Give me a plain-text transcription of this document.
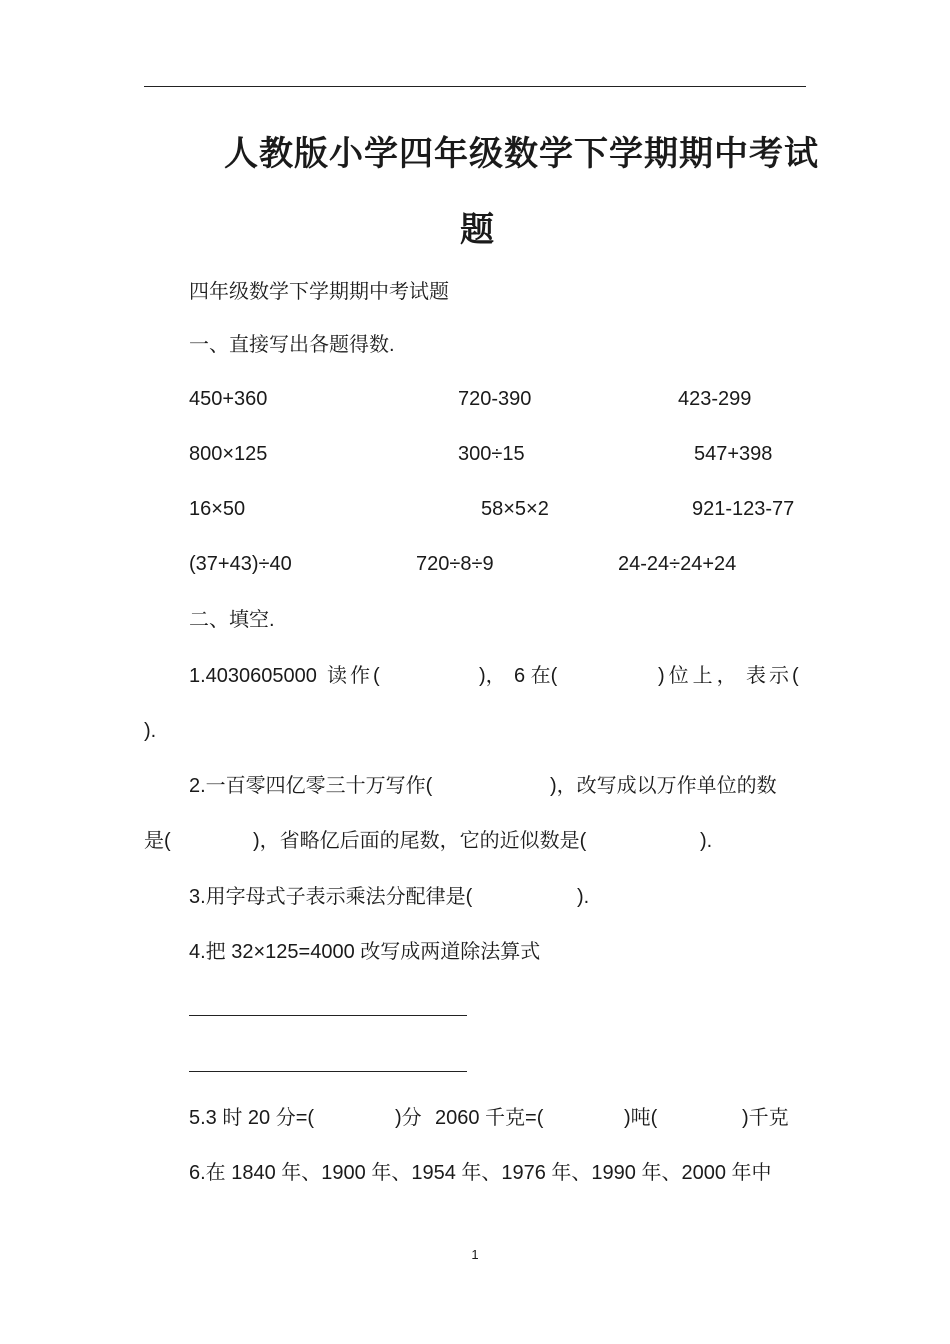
人教版小学四年级数学下学期期中考试
题
四年级数学下学期期中考试题
一、直接写出各题得数.
450+360	720-390	423-299
800×125	300÷15	547+398
16×50	58×5×2	921-123-77
(37+43)÷40	720÷8÷9	24-24÷24+24
二、填空.
1.4030605000 读作(	)， 6 在(	)位上， 表示(
).
2.一百零四亿零三十万写作(	)，改写成以万作单位的数
是(	)，省略亿后面的尾数，它的近似数是(	).
3.用字母式子表示乘法分配律是(	).
4.把 32×125=4000 改写成两道除法算式
5.3 时 20 分=(	)分 2060 千克=(	)吨(	)千克
6.在 1840 年、1900 年、1954 年、1976 年、1990 年、2000 年中
1
